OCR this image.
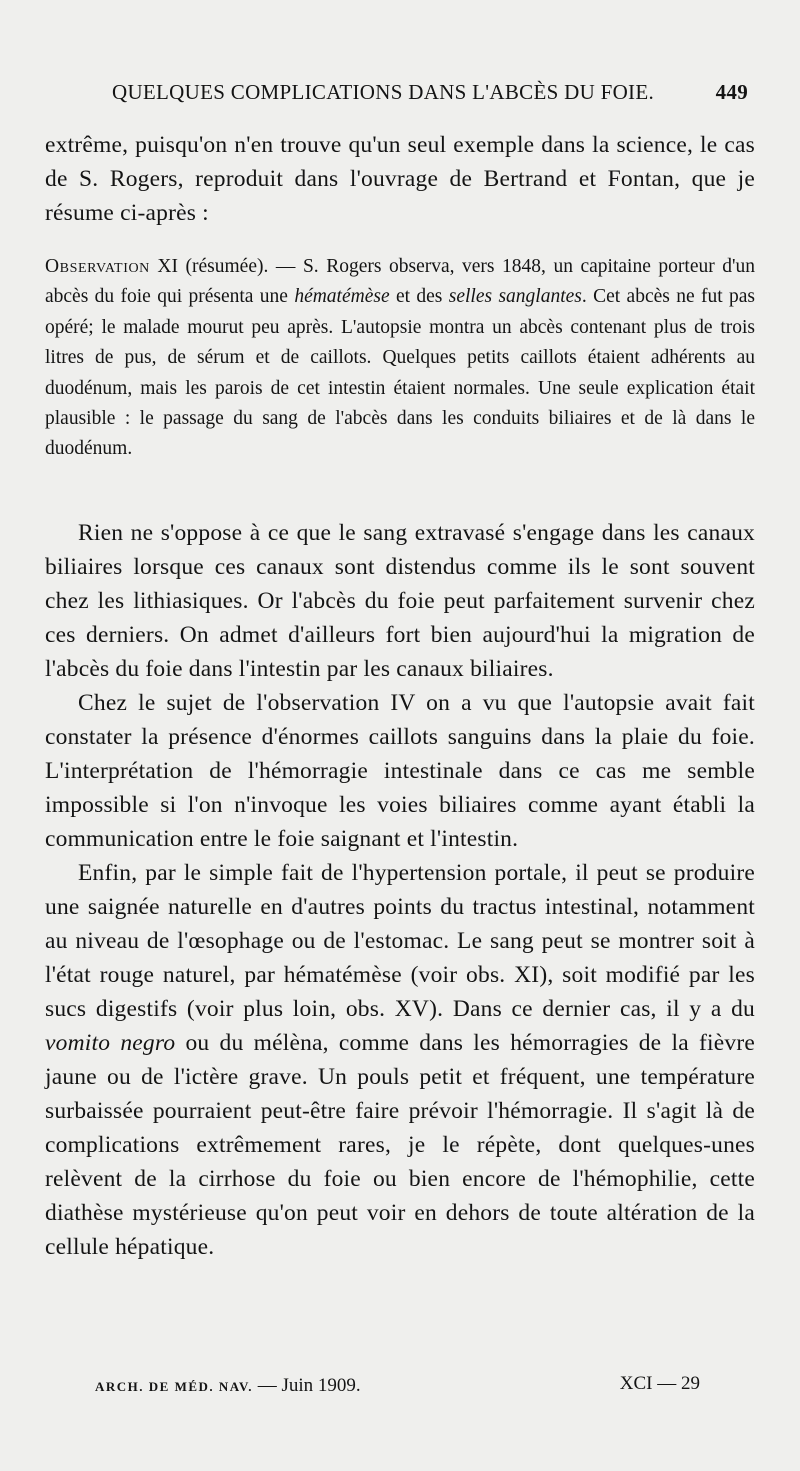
QUELQUES COMPLICATIONS DANS L'ABCÈS DU FOIE.	449

extrême, puisqu'on n'en trouve qu'un seul exemple dans la science, le cas de S. Rogers, reproduit dans l'ouvrage de Bertrand et Fontan, que je résume ci-après :

Observation XI (résumée). — S. Rogers observa, vers 1848, un capitaine porteur d'un abcès du foie qui présenta une hématémèse et des selles sanglantes. Cet abcès ne fut pas opéré; le malade mourut peu après. L'autopsie montra un abcès contenant plus de trois litres de pus, de sérum et de caillots. Quelques petits caillots étaient adhérents au duodénum, mais les parois de cet intestin étaient normales. Une seule explication était plausible : le passage du sang de l'abcès dans les conduits biliaires et de là dans le duodénum.

Rien ne s'oppose à ce que le sang extravasé s'engage dans les canaux biliaires lorsque ces canaux sont distendus comme ils le sont souvent chez les lithiasiques. Or l'abcès du foie peut parfaitement survenir chez ces derniers. On admet d'ailleurs fort bien aujourd'hui la migration de l'abcès du foie dans l'intestin par les canaux biliaires.

Chez le sujet de l'observation IV on a vu que l'autopsie avait fait constater la présence d'énormes caillots sanguins dans la plaie du foie. L'interprétation de l'hémorragie intestinale dans ce cas me semble impossible si l'on n'invoque les voies biliaires comme ayant établi la communication entre le foie saignant et l'intestin.

Enfin, par le simple fait de l'hypertension portale, il peut se produire une saignée naturelle en d'autres points du tractus intestinal, notamment au niveau de l'œsophage ou de l'estomac. Le sang peut se montrer soit à l'état rouge naturel, par hématémèse (voir obs. XI), soit modifié par les sucs digestifs (voir plus loin, obs. XV). Dans ce dernier cas, il y a du vomito negro ou du mélèna, comme dans les hémorragies de la fièvre jaune ou de l'ictère grave. Un pouls petit et fréquent, une température surbaissée pourraient peut-être faire prévoir l'hémorragie. Il s'agit là de complications extrêmement rares, je le répète, dont quelques-unes relèvent de la cirrhose du foie ou bien encore de l'hémophilie, cette diathèse mystérieuse qu'on peut voir en dehors de toute altération de la cellule hépatique.

ARCH. DE MÉD. NAV. — Juin 1909.	XCI — 29
